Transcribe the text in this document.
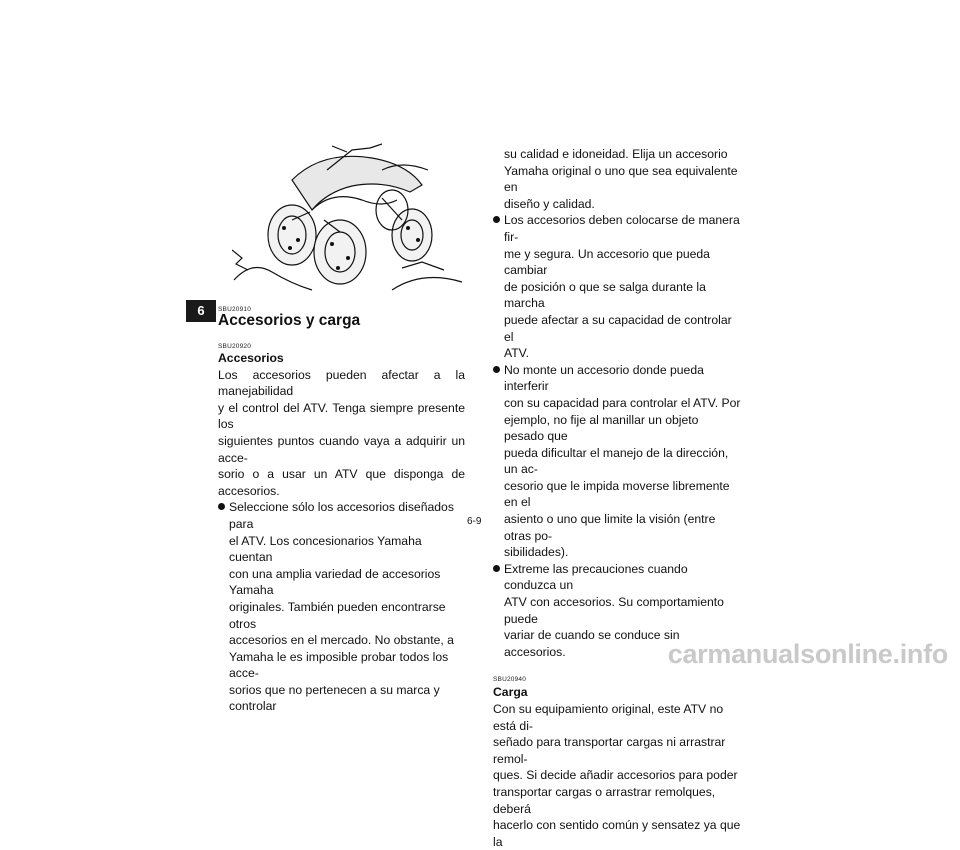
6	SBU20910
Accesorios y carga
SBU20920
Accesorios
Los accesorios pueden afectar a la manejabilidad
y el control del ATV. Tenga siempre presente los
siguientes puntos cuando vaya a adquirir un acce-
sorio o a usar un ATV que disponga de accesorios.
Seleccione sólo los accesorios diseñados para
el ATV. Los concesionarios Yamaha cuentan
con una amplia variedad de accesorios Yamaha
originales. También pueden encontrarse otros
accesorios en el mercado. No obstante, a
Yamaha le es imposible probar todos los acce-
sorios que no pertenecen a su marca y controlar
su calidad e idoneidad. Elija un accesorio
Yamaha original o uno que sea equivalente en
diseño y calidad.
Los accesorios deben colocarse de manera fir-
me y segura. Un accesorio que pueda cambiar
de posición o que se salga durante la marcha
puede afectar a su capacidad de controlar el
ATV.
No monte un accesorio donde pueda interferir
con su capacidad para controlar el ATV. Por
ejemplo, no fije al manillar un objeto pesado que
pueda dificultar el manejo de la dirección, un ac-
cesorio que le impida moverse libremente en el
asiento o uno que limite la visión (entre otras po-
sibilidades).
Extreme las precauciones cuando conduzca un
ATV con accesorios. Su comportamiento puede
variar de cuando se conduce sin accesorios.
SBU20940
Carga
Con su equipamiento original, este ATV no está di-
señado para transportar cargas ni arrastrar remol-
ques. Si decide añadir accesorios para poder
transportar cargas o arrastrar remolques, deberá
hacerlo con sentido común y sensatez ya que la
6-9
carmanualsonline.info
